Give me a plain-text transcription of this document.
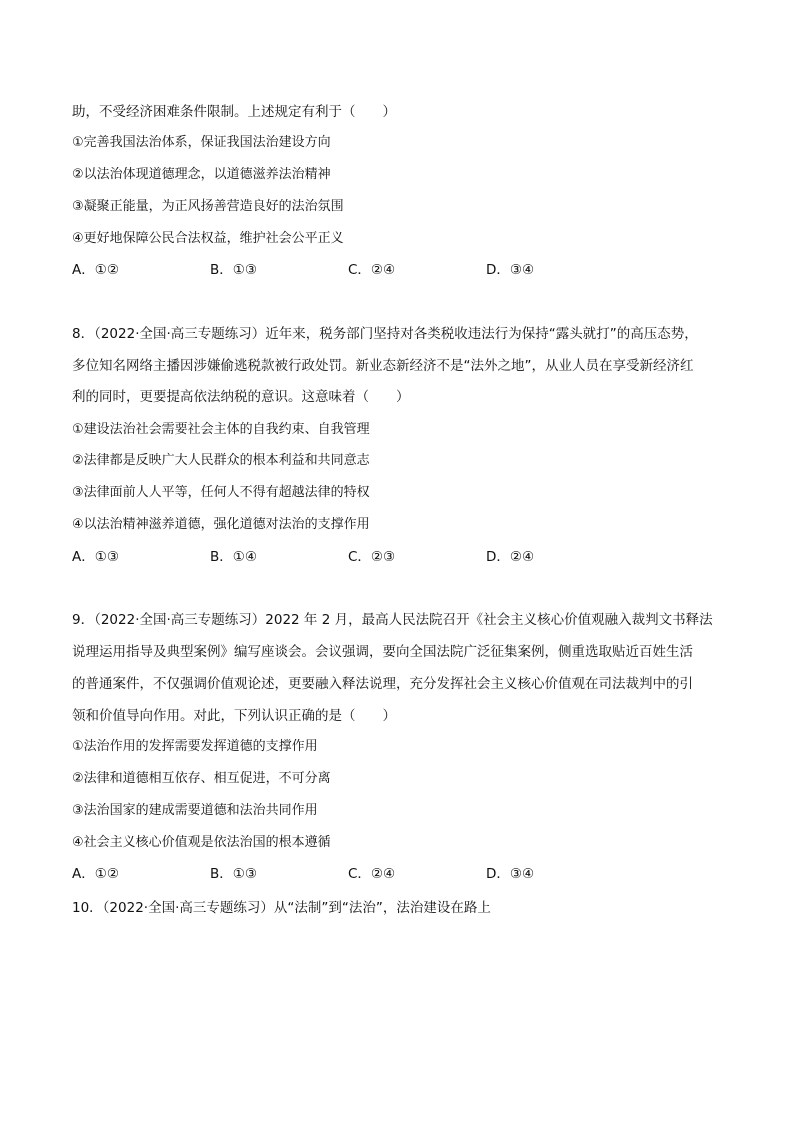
助，不受经济困难条件限制。上述规定有利于（　　）
①完善我国法治体系，保证我国法治建设方向
②以法治体现道德理念，以道德滋养法治精神
③凝聚正能量，为正风扬善营造良好的法治氛围
④更好地保障公民合法权益，维护社会公平正义
A．①②	B．①③	C．②④	D．③④
8．（2022·全国·高三专题练习）近年来，税务部门坚持对各类税收违法行为保持“露头就打”的高压态势，
多位知名网络主播因涉嫌偷逃税款被行政处罚。新业态新经济不是“法外之地”，从业人员在享受新经济红
利的同时，更要提高依法纳税的意识。这意味着（　　）
①建设法治社会需要社会主体的自我约束、自我管理
②法律都是反映广大人民群众的根本利益和共同意志
③法律面前人人平等，任何人不得有超越法律的特权
④以法治精神滋养道德，强化道德对法治的支撑作用
A．①③	B．①④	C．②③	D．②④
9．（2022·全国·高三专题练习）2022 年 2 月，最高人民法院召开《社会主义核心价值观融入裁判文书释法
说理运用指导及典型案例》编写座谈会。会议强调，要向全国法院广泛征集案例，侧重选取贴近百姓生活
的普通案件，不仅强调价值观论述，更要融入释法说理，充分发挥社会主义核心价值观在司法裁判中的引
领和价值导向作用。对此，下列认识正确的是（　　）
①法治作用的发挥需要发挥道德的支撑作用
②法律和道德相互依存、相互促进，不可分离
③法治国家的建成需要道德和法治共同作用
④社会主义核心价值观是依法治国的根本遵循
A．①②	B．①③	C．②④	D．③④
10．（2022·全国·高三专题练习）从“法制”到“法治”，法治建设在路上
